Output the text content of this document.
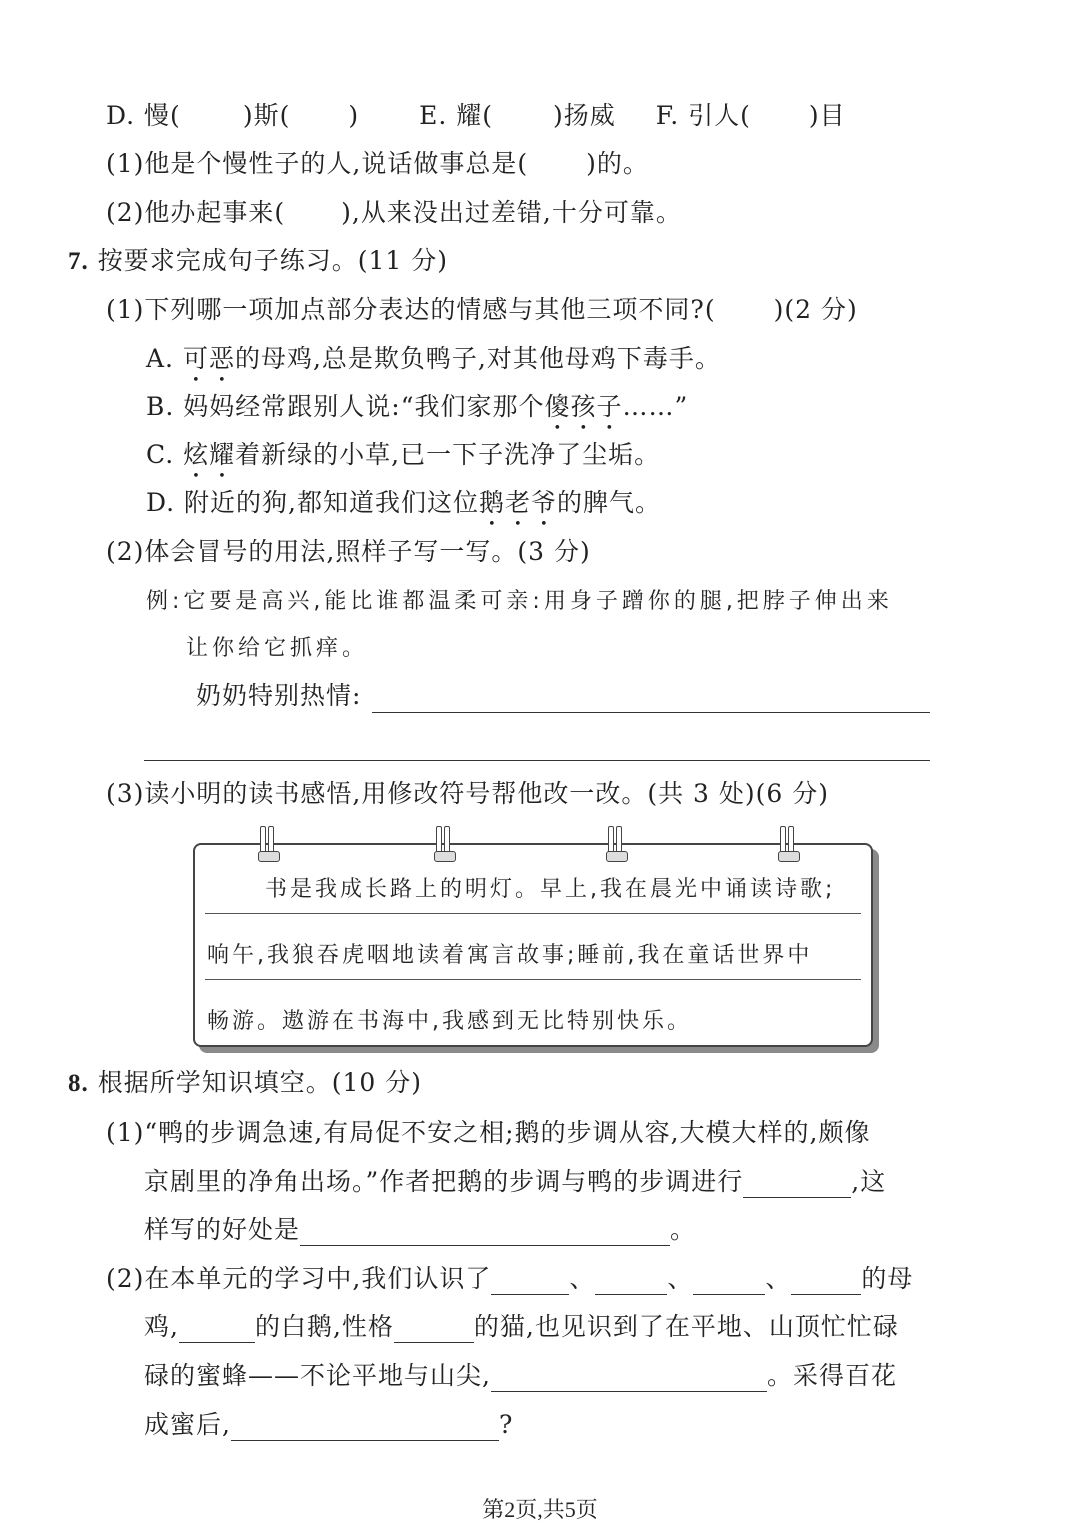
D. 慢( )斯( ) E. 耀( )扬威 F. 引人( )目
(1)他是个慢性子的人,说话做事总是( )的。
(2)他办起事来( ),从来没出过差错,十分可靠。
7. 按要求完成句子练习。(11 分)
(1)下列哪一项加点部分表达的情感与其他三项不同?( )(2 分)
A. 可恶的母鸡,总是欺负鸭子,对其他母鸡下毒手。
B. 妈妈经常跟别人说:“我们家那个傻孩子……”
C. 炫耀着新绿的小草,已一下子洗净了尘垢。
D. 附近的狗,都知道我们这位鹅老爷的脾气。
(2)体会冒号的用法,照样子写一写。(3 分)
例:它要是高兴,能比谁都温柔可亲:用身子蹭你的腿,把脖子伸出来
让你给它抓痒。
奶奶特别热情:
(3)读小明的读书感悟,用修改符号帮他改一改。(共 3 处)(6 分)
书是我成长路上的明灯。早上,我在晨光中诵读诗歌;
响午,我狼吞虎咽地读着寓言故事;睡前,我在童话世界中
畅游。遨游在书海中,我感到无比特别快乐。
8. 根据所学知识填空。(10 分)
(1)“鸭的步调急速,有局促不安之相;鹅的步调从容,大模大样的,颇像
京剧里的净角出场。”作者把鹅的步调与鸭的步调进行	,这
样写的好处是	。
(2)在本单元的学习中,我们认识了	、	、	、	的母
鸡,	的白鹅,性格	的猫,也见识到了在平地、山顶忙忙碌
碌的蜜蜂——不论平地与山尖,	。采得百花
成蜜后,	?
第2页,共5页
